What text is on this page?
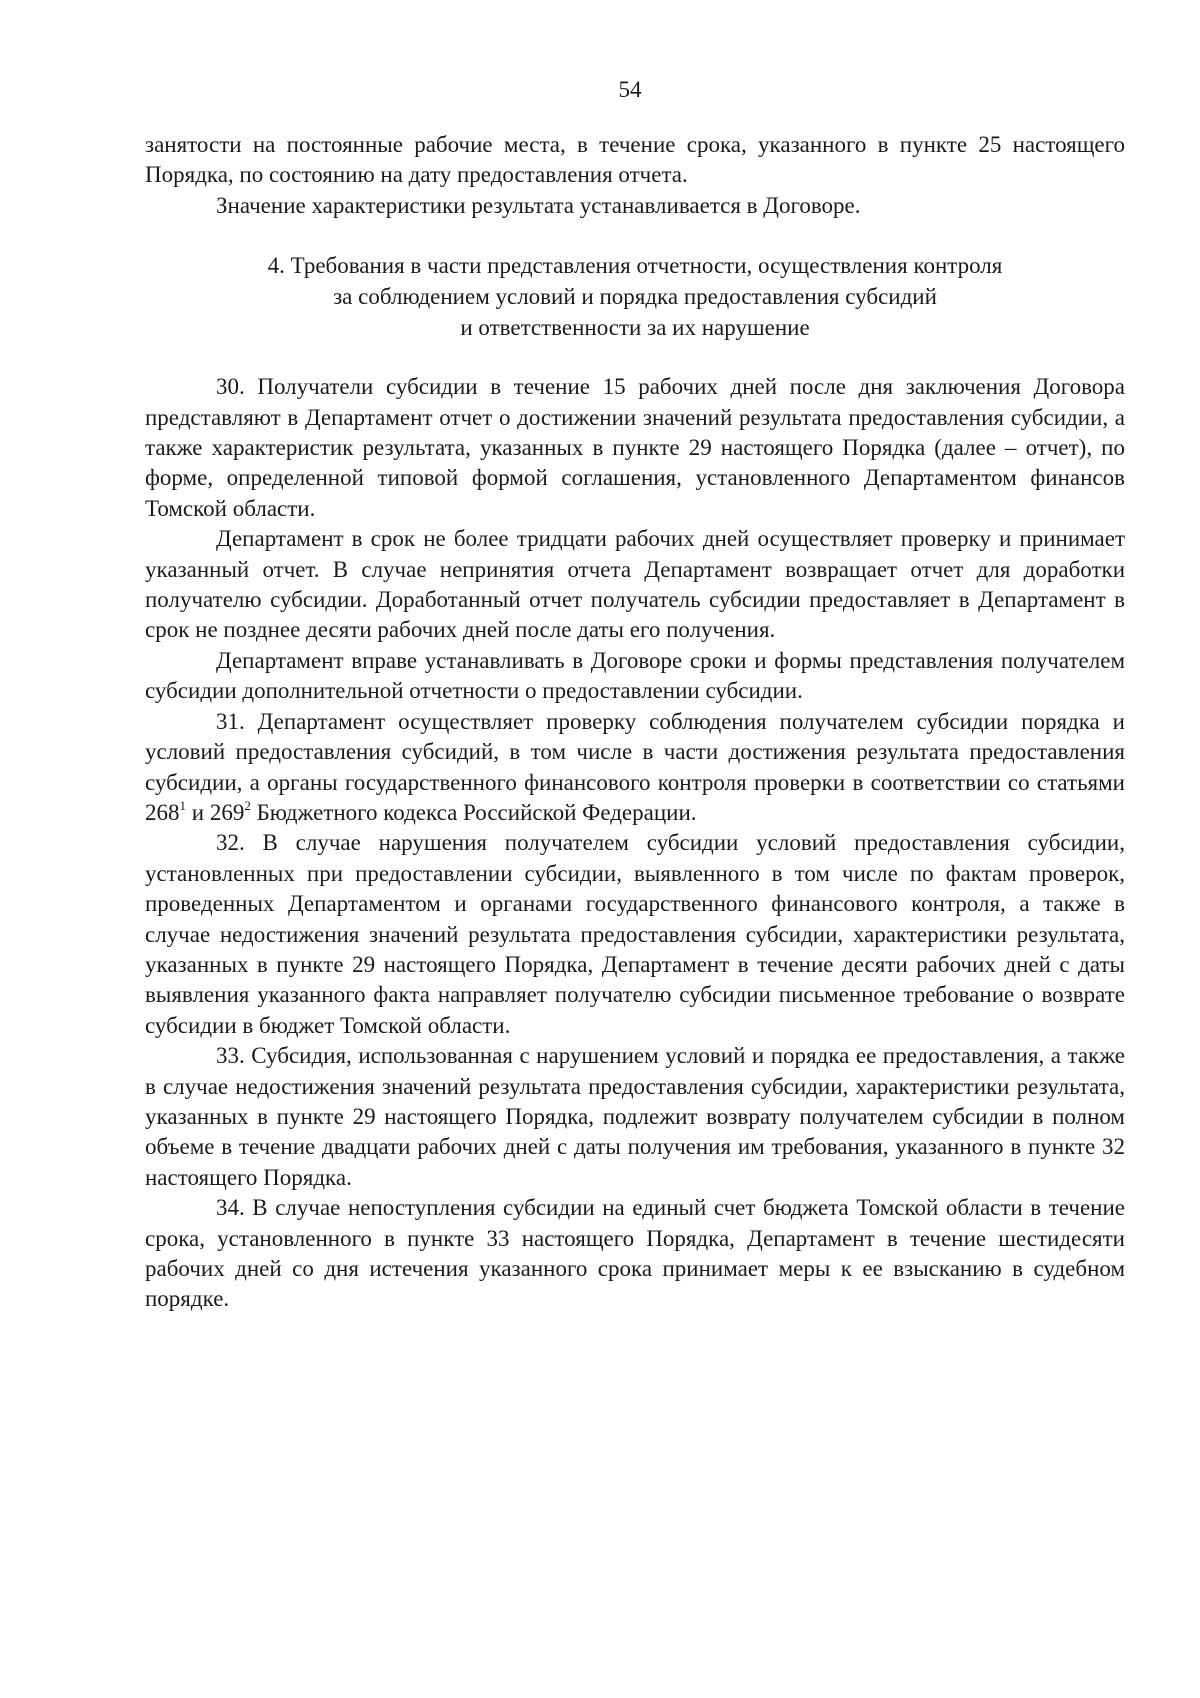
54

занятости на постоянные рабочие места, в течение срока, указанного в пункте 25 настоящего Порядка, по состоянию на дату предоставления отчета.

Значение характеристики результата устанавливается в Договоре.

4. Требования в части представления отчетности, осуществления контроля
за соблюдением условий и порядка предоставления субсидий
и ответственности за их нарушение

30. Получатели субсидии в течение 15 рабочих дней после дня заключения Договора представляют в Департамент отчет о достижении значений результата предоставления субсидии, а также характеристик результата, указанных в пункте 29 настоящего Порядка (далее – отчет), по форме, определенной типовой формой соглашения, установленного Департаментом финансов Томской области.

Департамент в срок не более тридцати рабочих дней осуществляет проверку и принимает указанный отчет. В случае непринятия отчета Департамент возвращает отчет для доработки получателю субсидии. Доработанный отчет получатель субсидии предоставляет в Департамент в срок не позднее десяти рабочих дней после даты его получения.

Департамент вправе устанавливать в Договоре сроки и формы представления получателем субсидии дополнительной отчетности о предоставлении субсидии.

31. Департамент осуществляет проверку соблюдения получателем субсидии порядка и условий предоставления субсидий, в том числе в части достижения результата предоставления субсидии, а органы государственного финансового контроля проверки в соответствии со статьями $268^1$ и $269^2$ Бюджетного кодекса Российской Федерации.

32. В случае нарушения получателем субсидии условий предоставления субсидии, установленных при предоставлении субсидии, выявленного в том числе по фактам проверок, проведенных Департаментом и органами государственного финансового контроля, а также в случае недостижения значений результата предоставления субсидии, характеристики результата, указанных в пункте 29 настоящего Порядка, Департамент в течение десяти рабочих дней с даты выявления указанного факта направляет получателю субсидии письменное требование о возврате субсидии в бюджет Томской области.

33. Субсидия, использованная с нарушением условий и порядка ее предоставления, а также в случае недостижения значений результата предоставления субсидии, характеристики результата, указанных в пункте 29 настоящего Порядка, подлежит возврату получателем субсидии в полном объеме в течение двадцати рабочих дней с даты получения им требования, указанного в пункте 32 настоящего Порядка.

34. В случае непоступления субсидии на единый счет бюджета Томской области в течение срока, установленного в пункте 33 настоящего Порядка, Департамент в течение шестидесяти рабочих дней со дня истечения указанного срока принимает меры к ее взысканию в судебном порядке.
